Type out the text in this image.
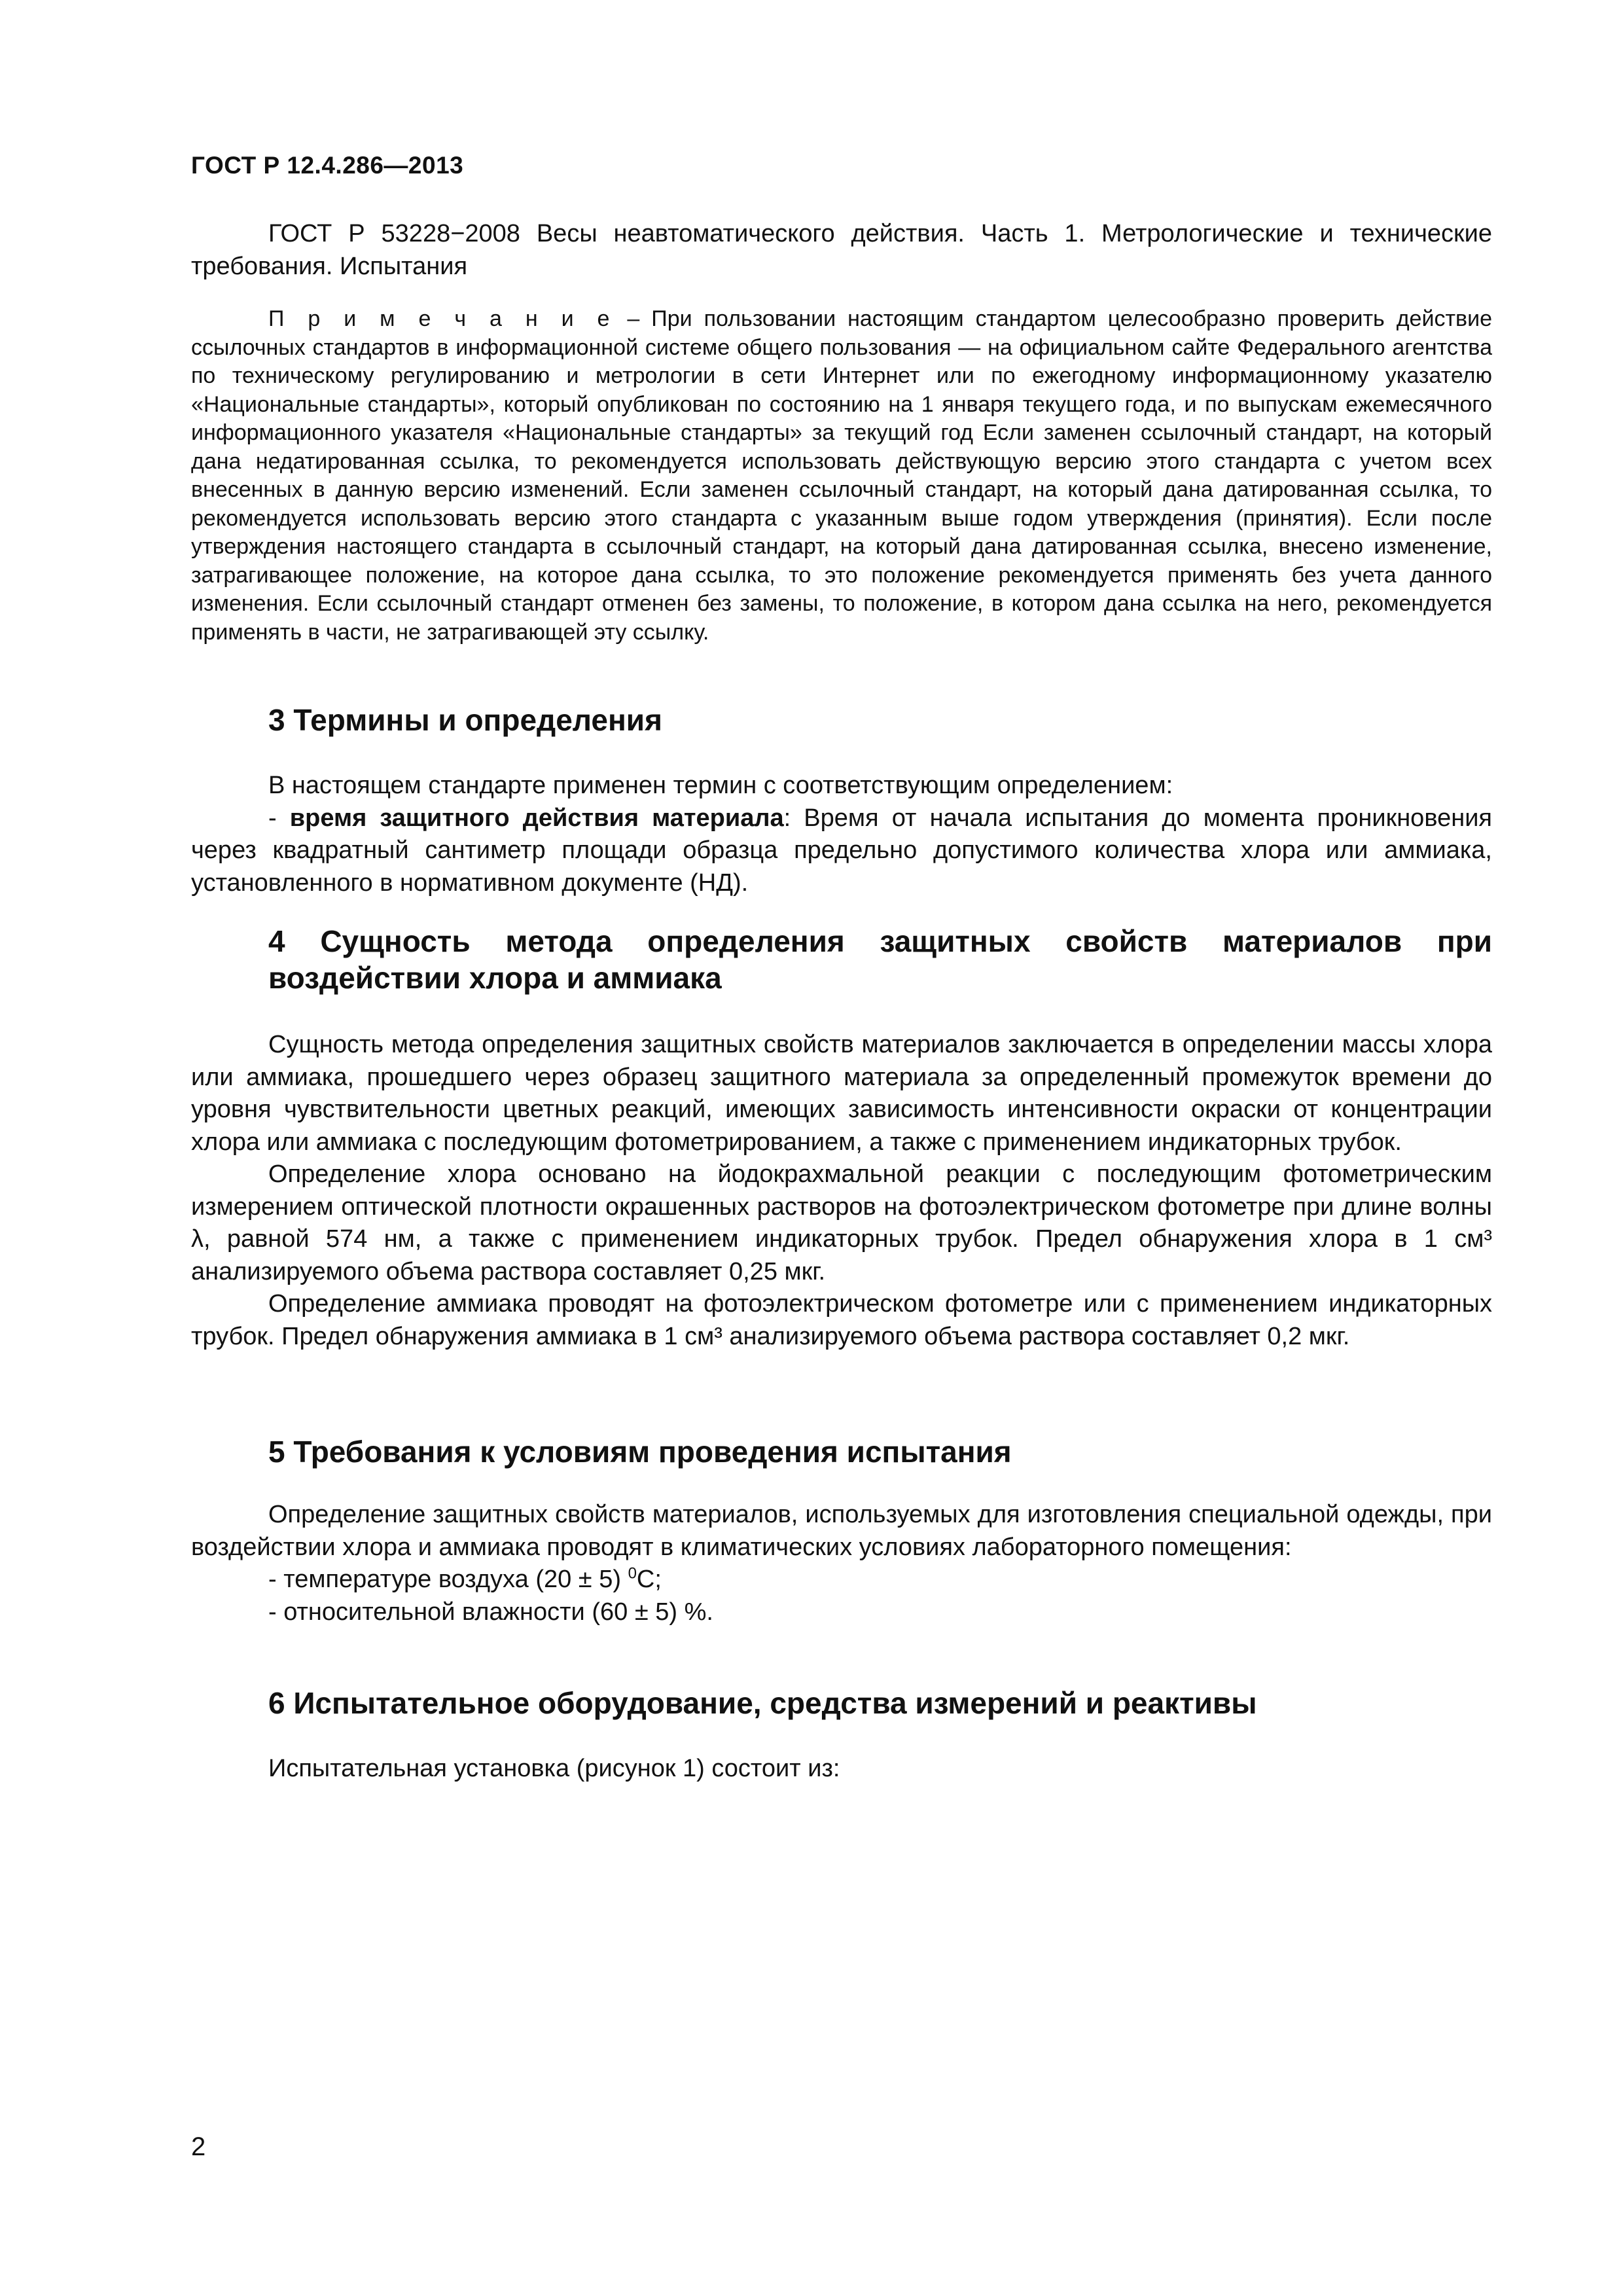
ГОСТ Р 12.4.286—2013
ГОСТ Р 53228−2008 Весы неавтоматического действия. Часть 1. Метрологические и технические требования. Испытания
П р и м е ч а н и е – При пользовании настоящим стандартом целесообразно проверить действие ссылочных стандартов в информационной системе общего пользования — на официальном сайте Федерального агентства по техническому регулированию и метрологии в сети Интернет или по ежегодному информационному указателю «Национальные стандарты», который опубликован по состоянию на 1 января текущего года, и по выпускам ежемесячного информационного указателя «Национальные стандарты» за текущий год Если заменен ссылочный стандарт, на который дана недатированная ссылка, то рекомендуется использовать действующую версию этого стандарта с учетом всех внесенных в данную версию изменений. Если заменен ссылочный стандарт, на который дана датированная ссылка, то рекомендуется использовать версию этого стандарта с указанным выше годом утверждения (принятия). Если после утверждения настоящего стандарта в ссылочный стандарт, на который дана датированная ссылка, внесено изменение, затрагивающее положение, на которое дана ссылка, то это положение рекомендуется применять без учета данного изменения. Если ссылочный стандарт отменен без замены, то положение, в котором дана ссылка на него, рекомендуется применять в части, не затрагивающей эту ссылку.
3 Термины и определения

В настоящем стандарте применен термин с соответствующим определением:

- время защитного действия материала: Время от начала испытания до момента проникновения через квадратный сантиметр площади образца предельно допустимого количества хлора или аммиака, установленного в нормативном документе (НД).

4 Сущность метода определения защитных свойств материалов при воздействии хлора и аммиака

Сущность метода определения защитных свойств материалов заключается в определении массы хлора или аммиака, прошедшего через образец защитного материала за определенный промежуток времени до уровня чувствительности цветных реакций, имеющих зависимость интенсивности окраски от концентрации хлора или аммиака с последующим фотометрированием, а также с применением индикаторных трубок.

Определение хлора основано на йодокрахмальной реакции с последующим фотометрическим измерением оптической плотности окрашенных растворов на фотоэлектрическом фотометре при длине волны λ, равной 574 нм, а также с применением индикаторных трубок. Предел обнаружения хлора в 1 см³ анализируемого объема раствора составляет 0,25 мкг.

Определение аммиака проводят на фотоэлектрическом фотометре или с применением индикаторных трубок. Предел обнаружения аммиака в 1 см³ анализируемого объема раствора составляет 0,2 мкг.

5 Требования к условиям проведения испытания

Определение защитных свойств материалов, используемых для изготовления специальной одежды, при воздействии хлора и аммиака проводят в климатических условиях лабораторного помещения:

- температуре воздуха (20 ± 5) $^0$С;

- относительной влажности (60 ± 5) %.

6 Испытательное оборудование, средства измерений и реактивы

Испытательная установка (рисунок 1) состоит из:

2
